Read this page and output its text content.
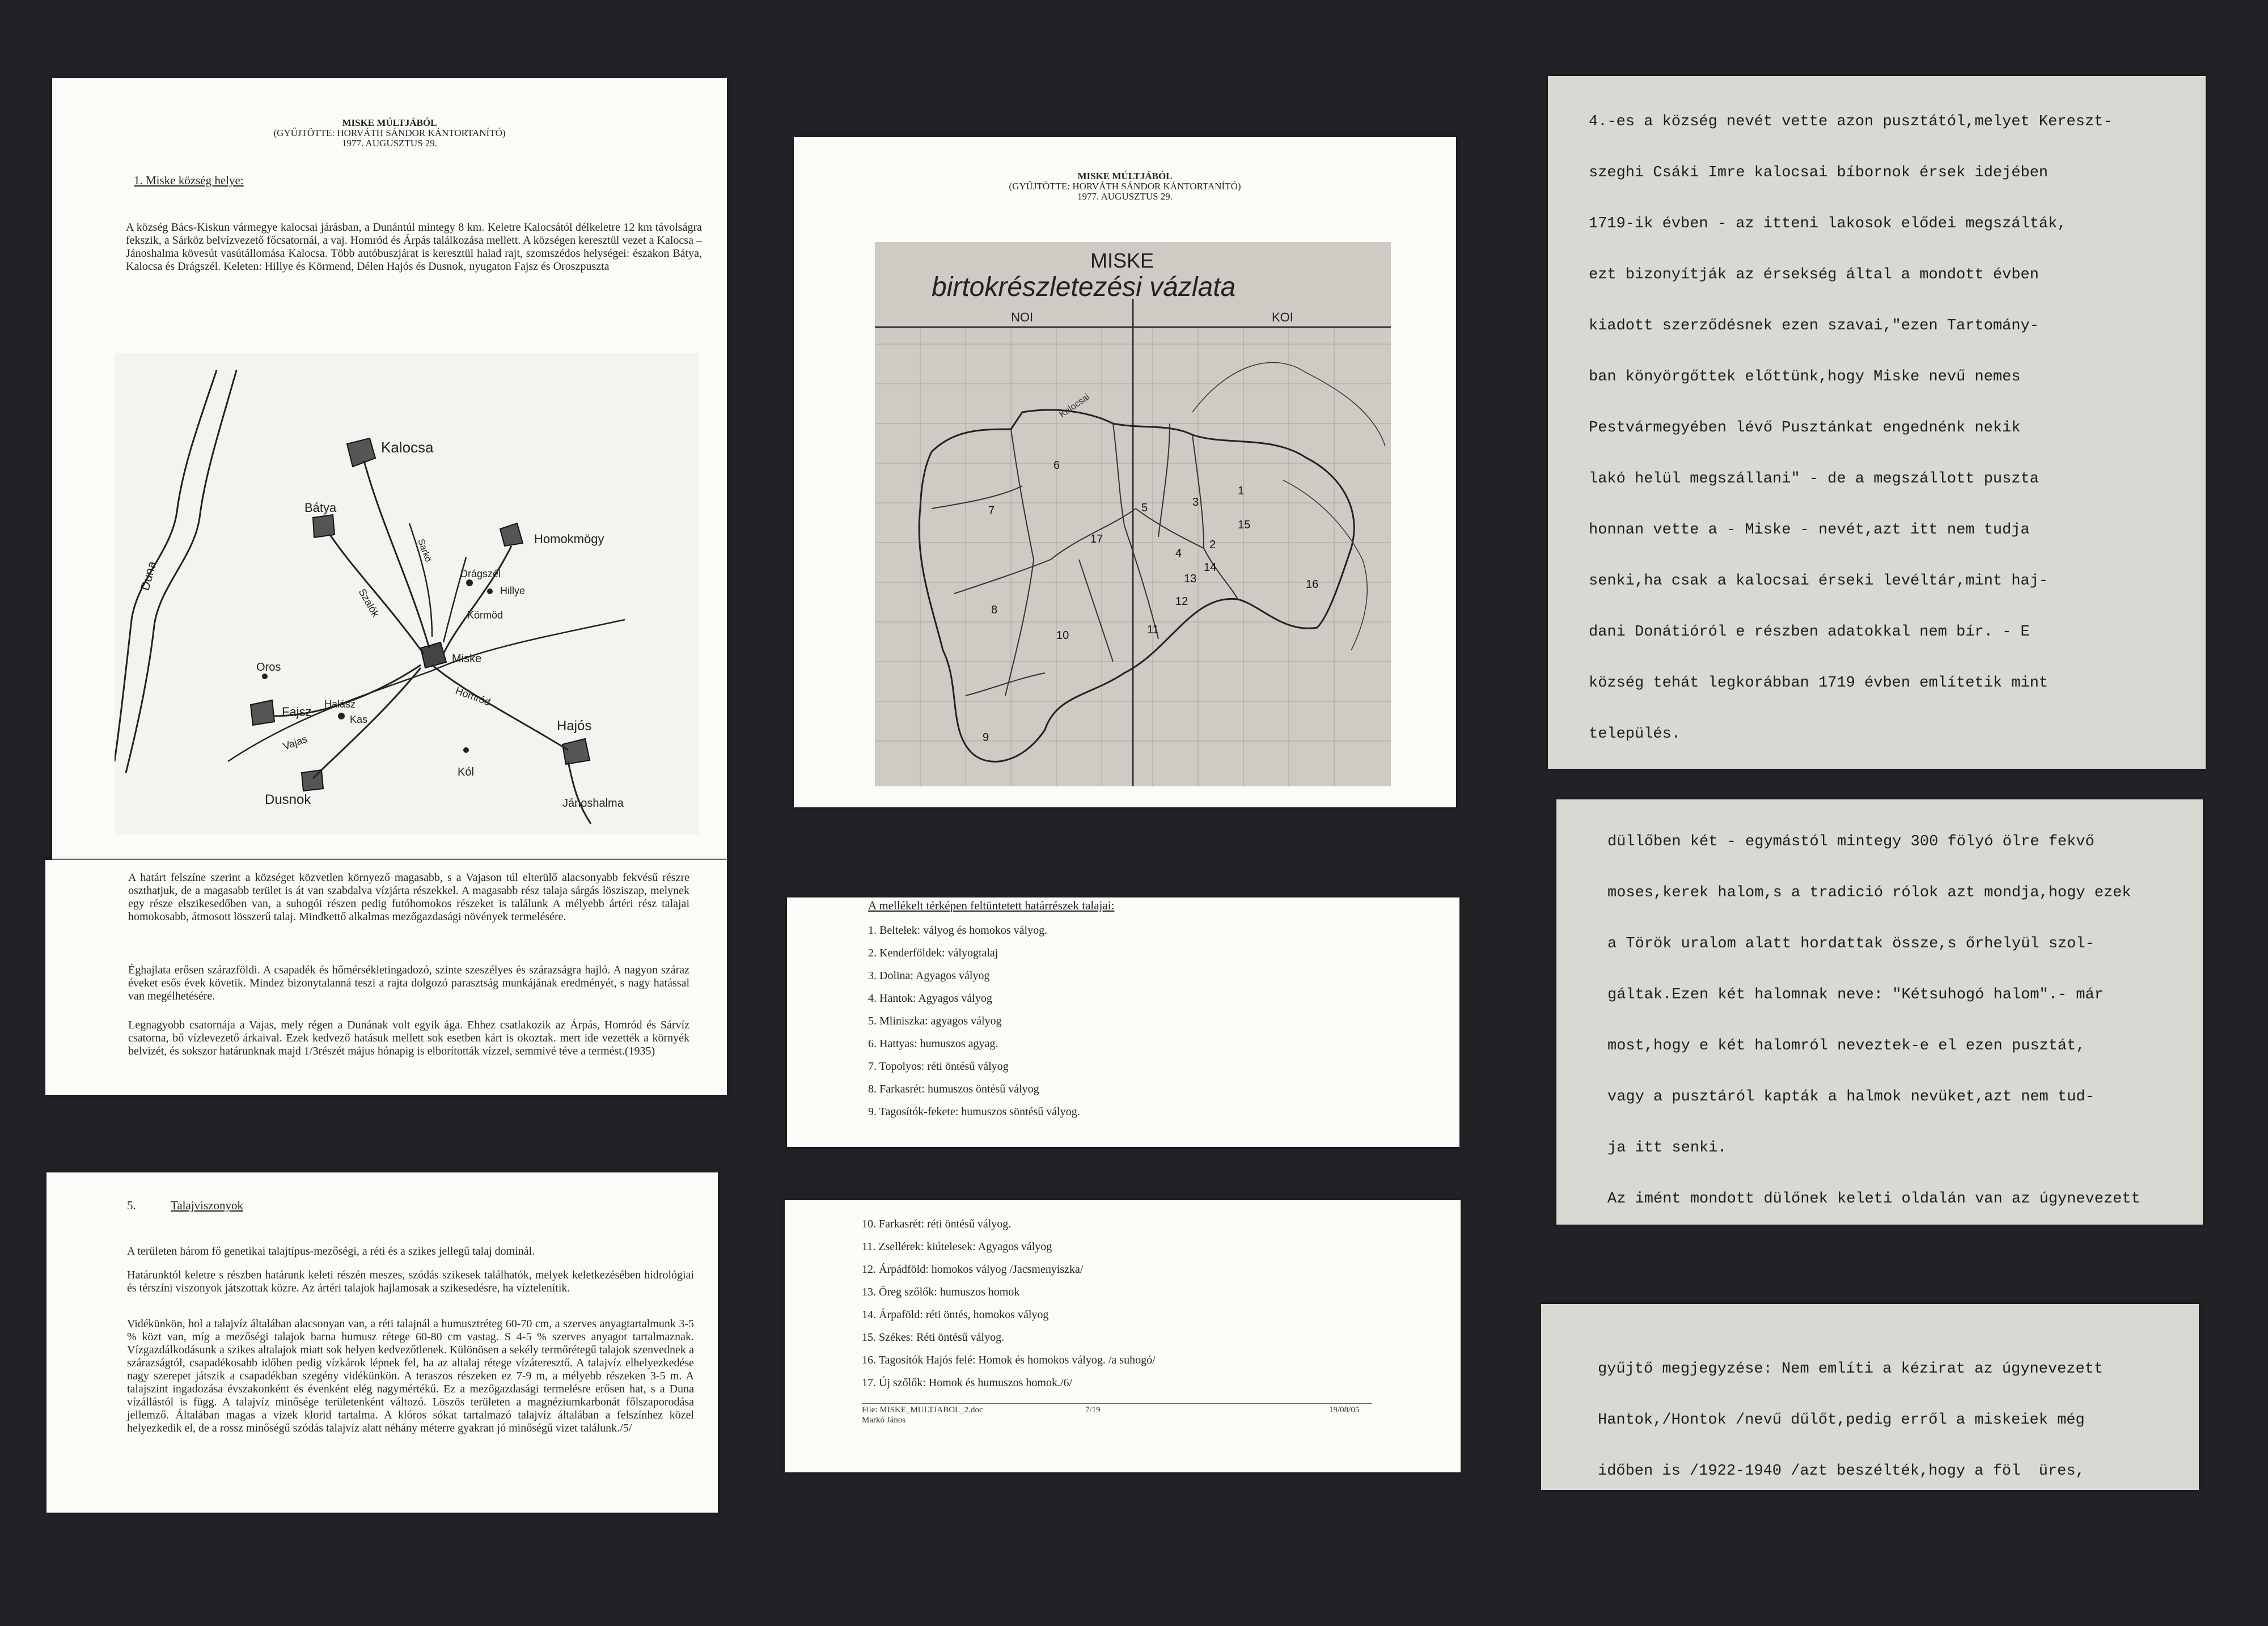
MISKE MÚLTJÁBÓL
(GYŰJTÖTTE: HORVÁTH SÁNDOR KÁNTORTANÍTÓ)
1977. AUGUSZTUS 29.
1. Miske község helye:
A község Bács-Kiskun vármegye kalocsai járásban, a Dunántúl mintegy 8 km. Keletre Kalocsától délkeletre 12 km távolságra fekszik, a Sárköz belvízvezető főcsatornái, a vaj. Homród és Árpás találkozása mellett. A községen keresztül vezet a Kalocsa –Jánoshalma kövesút vasútállomása Kalocsa. Több autóbuszjárat is keresztül halad rajt, szomszédos helységei: északon Bátya, Kalocsa és Drágszél. Keleten: Hillye és Körmend, Délen Hajós és Dusnok, nyugaton Fajsz és Oroszpuszta
Duna
Kalocsa
Bátya
Homokmögy
Drágszél
Hillye
Körmöd
Miske
Oros
Fajsz
Halász
Kas	Hajós
Kól
Dusnok	Jánoshalma
Homród
Vajas
Szalók
Sarkö
A határt felszíne szerint a községet közvetlen környező magasabb, s a Vajason túl elterülő alacsonyabb fekvésű részre oszthatjuk, de a magasabb terület is át van szabdalva vízjárta részekkel. A magasabb rész talaja sárgás lösziszap, melynek egy része elszikesedőben van, a suhogói részen pedig futóhomokos részeket is találunk A mélyebb ártéri rész talajai homokosabb, átmosott lösszerű talaj. Mindkettő alkalmas mezőgazdasági növények termelésére.
Éghajlata erősen szárazföldi. A csapadék és hőmérsékletingadozó, szinte szeszélyes és szárazságra hajló. A nagyon száraz éveket esős évek követik. Mindez bizonytalanná teszi a rajta dolgozó parasztság munkájának eredményét, s nagy hatással van megélhetésére.
Legnagyobb csatornája a Vajas, mely régen a Dunának volt egyik ága. Ehhez csatlakozik az Árpás, Homród és Sárvíz csatorna, bő vízlevezető árkaival. Ezek kedvező hatásuk mellett sok esetben kárt is okoztak. mert ide vezették a környék belvizét, és sokszor határunknak majd 1/3részét május hónapig is elborították vízzel, semmivé téve a termést.(1935)
5.	Talajviszonyok
A területen három fő genetikai talajtípus-mezőségi, a réti és a szikes jellegű talaj dominál.
Határunktól keletre s részben határunk keleti részén meszes, szódás szikesek találhatók, melyek keletkezésében hidrológiai és térszíni viszonyok játszottak közre. Az ártéri talajok hajlamosak a szikesedésre, ha víztelenítik.
Vidékünkön, hol a talajvíz általában alacsonyan van, a réti talajnál a humusztréteg 60-70 cm, a szerves anyagtartalmunk 3-5 % közt van, míg a mezőségi talajok barna humusz rétege 60-80 cm vastag. S 4-5 % szerves anyagot tartalmaznak. Vízgazdálkodásunk a szikes altalajok miatt sok helyen kedvezőtlenek. Különösen a sekély termőrétegű talajok szenvednek a szárazságtól, csapadékosabb időben pedig vízkárok lépnek fel, ha az altalaj rétege vízáteresztő. A talajvíz elhelyezkedése nagy szerepet játszik a csapadékban szegény vidékünkön. A teraszos részeken ez 7-9 m, a mélyebb részeken 3-5 m. A talajszint ingadozása évszakonként és évenként elég nagymértékű. Ez a mezőgazdasági termelésre erősen hat, s a Duna vízállástól is függ. A talajvíz minősége területenként változó. Löszös területen a magnéziumkarbonát főlszaporodása jellemző. Általában magas a vizek klorid tartalma. A klóros sókat tartalmazó talajvíz általában a felszínhez közel helyezkedik el, de a rossz minőségű szódás talajvíz alatt néhány méterre gyakran jó minőségű vizet találunk./5/
MISKE MÚLTJÁBÓL
(GYŰJTÖTTE: HORVÁTH SÁNDOR KÁNTORTANÍTÓ)
1977. AUGUSZTUS 29.
MISKE
birtokrészletezési vázlata
NOI	KOI
Kalocsai
1
2
3
4
5
6
7
8
9
10	11
12
13
14
15
16
17
A mellékelt térképen feltüntetett határrészek talajai:
1. Beltelek: vályog és homokos vályog.
2. Kenderföldek: vályogtalaj
3. Dolina: Agyagos vályog
4. Hantok: Agyagos vályog
5. Mliniszka: agyagos vályog
6. Hattyas: humuszos agyag.
7. Topolyos: réti öntésű vályog
8. Farkasrét: humuszos öntésű vályog
9. Tagosítók-fekete: humuszos söntésű vályog.
10. Farkasrét: réti öntésű vályog.
11. Zsellérek: kiútelesek: Agyagos vályog
12. Árpádföld: homokos vályog /Jacsmenyiszka/
13. Öreg szőlők: humuszos homok
14. Árpaföld: réti öntés, homokos vályog
15. Székes: Réti öntésű vályog.
16. Tagosítók Hajós felé: Homok és homokos vályog. /a suhogó/
17. Új szőlők: Homok és humuszos homok./6/
File: MISKE_MULTJABOL_2.doc
Markó János
7/19	19/08/05

4.-es a község nevét vette azon pusztától,melyet Kereszt-

szeghi Csáki Imre kalocsai bíbornok érsek idejében

1719-ik évben - az itteni lakosok elődei megszálták,

ezt bizonyítják az érsekség által a mondott évben

kiadott szerződésnek ezen szavai,"ezen Tartomány-

ban könyörgőttek előttünk,hogy Miske nevű nemes

Pestvármegyében lévő Pusztánkat engednénk nekik

lakó helül megszállani" - de a megszállott puszta

honnan vette a - Miske - nevét,azt itt nem tudja

senki,ha csak a kalocsai érseki levéltár,mint haj-

dani Donátióról e részben adatokkal nem bír. - E

község tehát legkorábban 1719 évben említetik mint

település.

düllőben két - egymástól mintegy 300 fölyó ölre fekvő

moses,kerek halom,s a tradició rólok azt mondja,hogy ezek

a Török uralom alatt hordattak össze,s őrhelyül szol-

gáltak.Ezen két halomnak neve: "Kétsuhogó halom".- már

most,hogy e két halomról neveztek-e el ezen pusztát,

vagy a pusztáról kapták a halmok nevüket,azt nem tud-

ja itt senki.

Az imént mondott dülőnek keleti oldalán van az úgynevezett

gyűjtő megjegyzése: Nem említi a kézirat az úgynevezett

Hantok,/Hontok /nevű dűlőt,pedig erről a miskeiek még

időben is /1922-1940 /azt beszélték,hogy a föl  üres,
